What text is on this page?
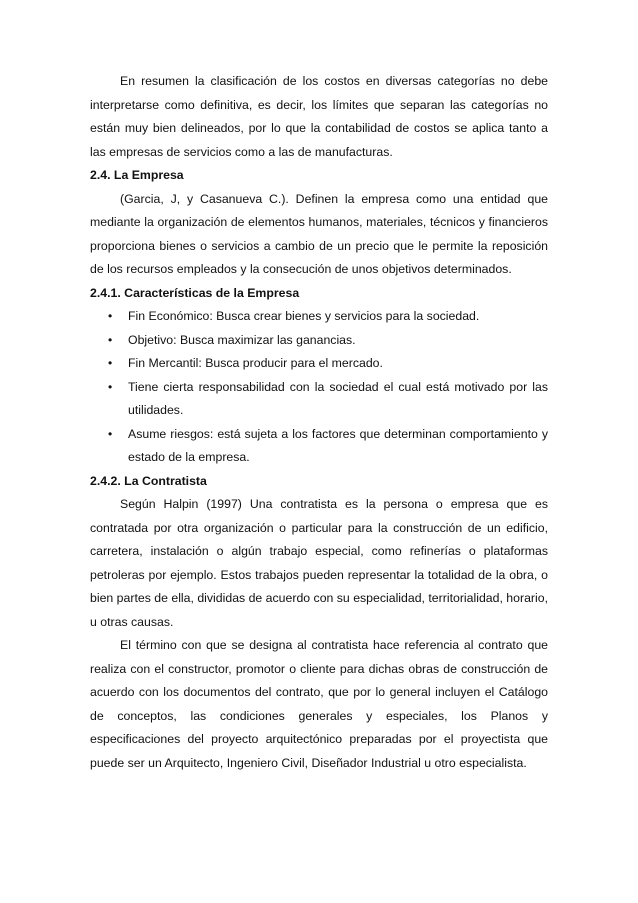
En resumen la clasificación de los costos en diversas categorías no debe interpretarse como definitiva, es decir, los límites que separan las categorías no están muy bien delineados, por lo que la contabilidad de costos se aplica tanto a las empresas de servicios como a las de manufacturas.

2.4. La Empresa

(Garcia, J, y Casanueva C.). Definen la empresa como una entidad que mediante la organización de elementos humanos, materiales, técnicos y financieros proporciona bienes o servicios a cambio de un precio que le permite la reposición de los recursos empleados y la consecución de unos objetivos determinados.

2.4.1. Características de la Empresa
• Fin Económico: Busca crear bienes y servicios para la sociedad.
• Objetivo: Busca maximizar las ganancias.
• Fin Mercantil: Busca producir para el mercado.
• Tiene cierta responsabilidad con la sociedad el cual está motivado por las utilidades.
• Asume riesgos: está sujeta a los factores que determinan comportamiento y estado de la empresa.
2.4.2. La Contratista

Según Halpin (1997) Una contratista es la persona o empresa que es contratada por otra organización o particular para la construcción de un edificio, carretera, instalación o algún trabajo especial, como refinerías o plataformas petroleras por ejemplo. Estos trabajos pueden representar la totalidad de la obra, o bien partes de ella, divididas de acuerdo con su especialidad, territorialidad, horario, u otras causas.

El término con que se designa al contratista hace referencia al contrato que realiza con el constructor, promotor o cliente para dichas obras de construcción de acuerdo con los documentos del contrato, que por lo general incluyen el Catálogo de conceptos, las condiciones generales y especiales, los Planos y especificaciones del proyecto arquitectónico preparadas por el proyectista que puede ser un Arquitecto, Ingeniero Civil, Diseñador Industrial u otro especialista.
